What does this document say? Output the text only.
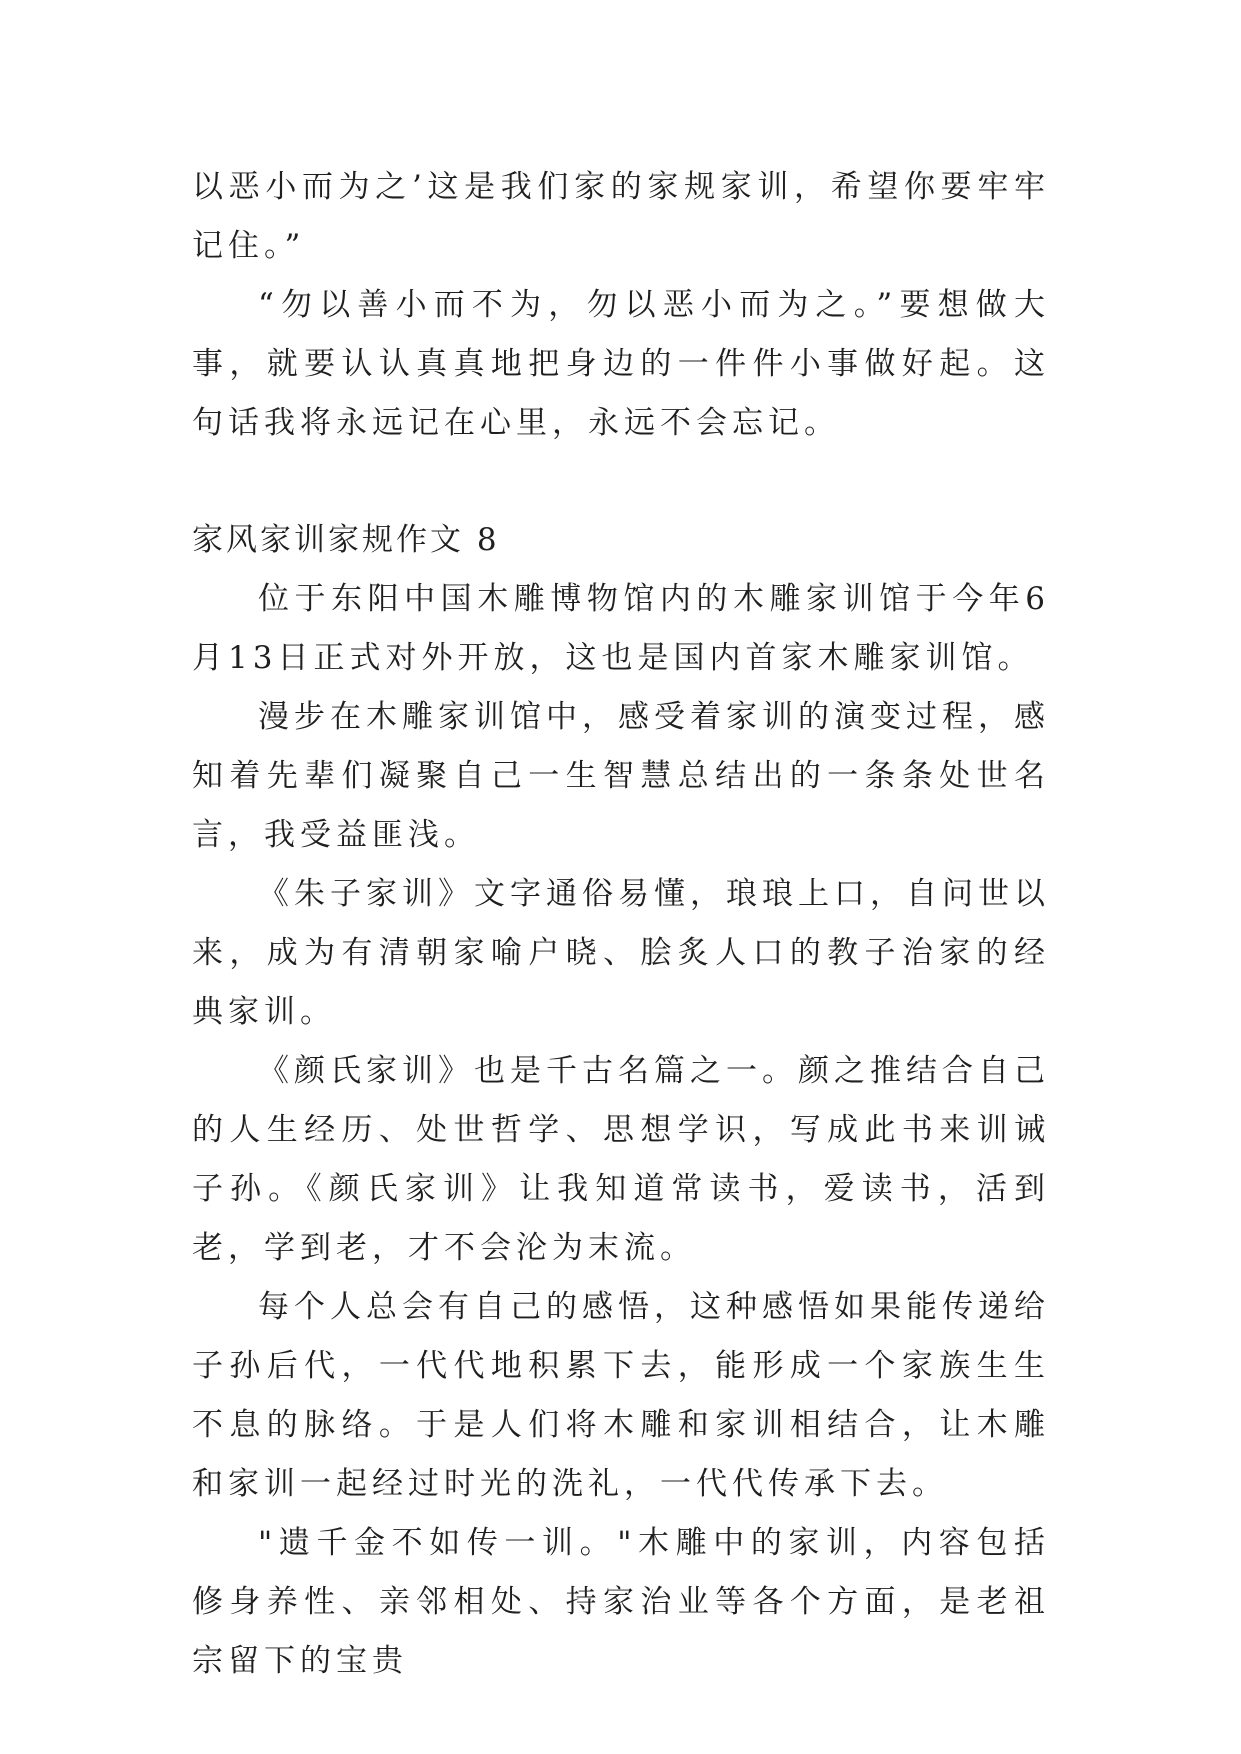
以恶小而为之’这是我们家的家规家训，希望你要牢牢记住。”

“勿以善小而不为，勿以恶小而为之。”要想做大事，就要认认真真地把身边的一件件小事做好起。这句话我将永远记在心里，永远不会忘记。

家风家训家规作文 8

位于东阳中国木雕博物馆内的木雕家训馆于今年6月13日正式对外开放，这也是国内首家木雕家训馆。

漫步在木雕家训馆中，感受着家训的演变过程，感知着先辈们凝聚自己一生智慧总结出的一条条处世名言，我受益匪浅。

《朱子家训》文字通俗易懂，琅琅上口，自问世以来，成为有清朝家喻户晓、脍炙人口的教子治家的经典家训。

《颜氏家训》也是千古名篇之一。颜之推结合自己的人生经历、处世哲学、思想学识，写成此书来训诫子孙。《颜氏家训》让我知道常读书，爱读书，活到老，学到老，才不会沦为末流。

每个人总会有自己的感悟，这种感悟如果能传递给子孙后代，一代代地积累下去，能形成一个家族生生不息的脉络。于是人们将木雕和家训相结合，让木雕和家训一起经过时光的洗礼，一代代传承下去。

"遗千金不如传一训。"木雕中的家训，内容包括修身养性、亲邻相处、持家治业等各个方面，是老祖宗留下的宝贵
